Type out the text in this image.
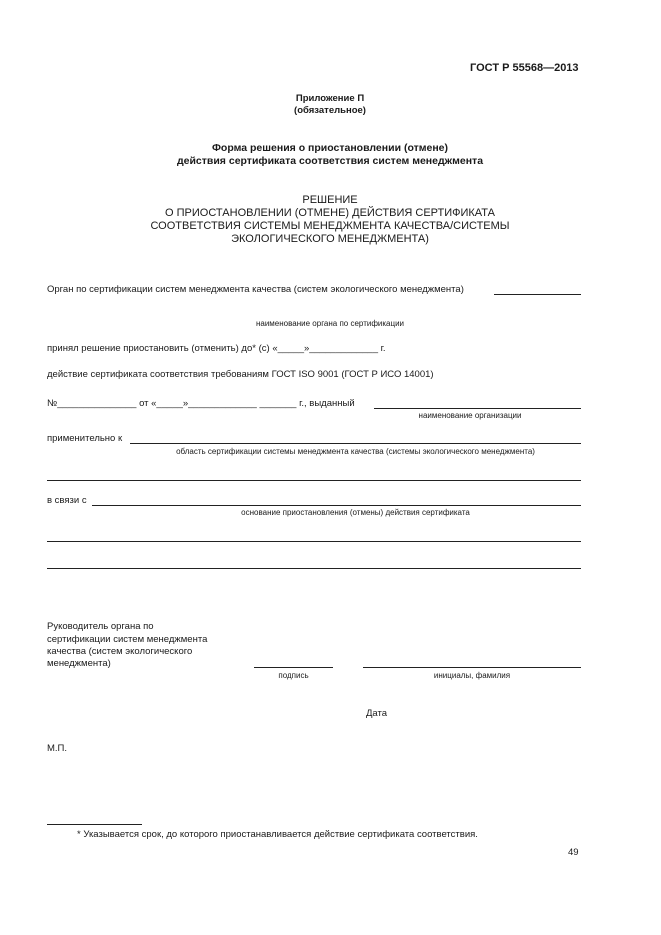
ГОСТ Р 55568—2013
Приложение П
(обязательное)
Форма решения о приостановлении (отмене)
действия сертификата соответствия систем менеджмента
РЕШЕНИЕ
О ПРИОСТАНОВЛЕНИИ (ОТМЕНЕ) ДЕЙСТВИЯ СЕРТИФИКАТА
СООТВЕТСТВИЯ СИСТЕМЫ МЕНЕДЖМЕНТА КАЧЕСТВА/СИСТЕМЫ
ЭКОЛОГИЧЕСКОГО МЕНЕДЖМЕНТА)
Орган по сертификации систем менеджмента качества (систем экологического менеджмента)
наименование органа по сертификации
принял решение приостановить (отменить) до* (с) «_____»_____________ г.
действие сертификата соответствия требованиям ГОСТ ISO 9001 (ГОСТ Р ИСО 14001)
№_______________ от «_____»_____________ _______ г., выданный
наименование организации
применительно к
область сертификации системы менеджмента качества (системы экологического менеджмента)
в связи с
основание приостановления (отмены) действия сертификата
Руководитель органа по
сертификации систем менеджмента
качества (систем экологического
менеджмента)
подпись	инициалы, фамилия
Дата
М.П.
* Указывается срок, до которого приостанавливается действие сертификата соответствия.
49
